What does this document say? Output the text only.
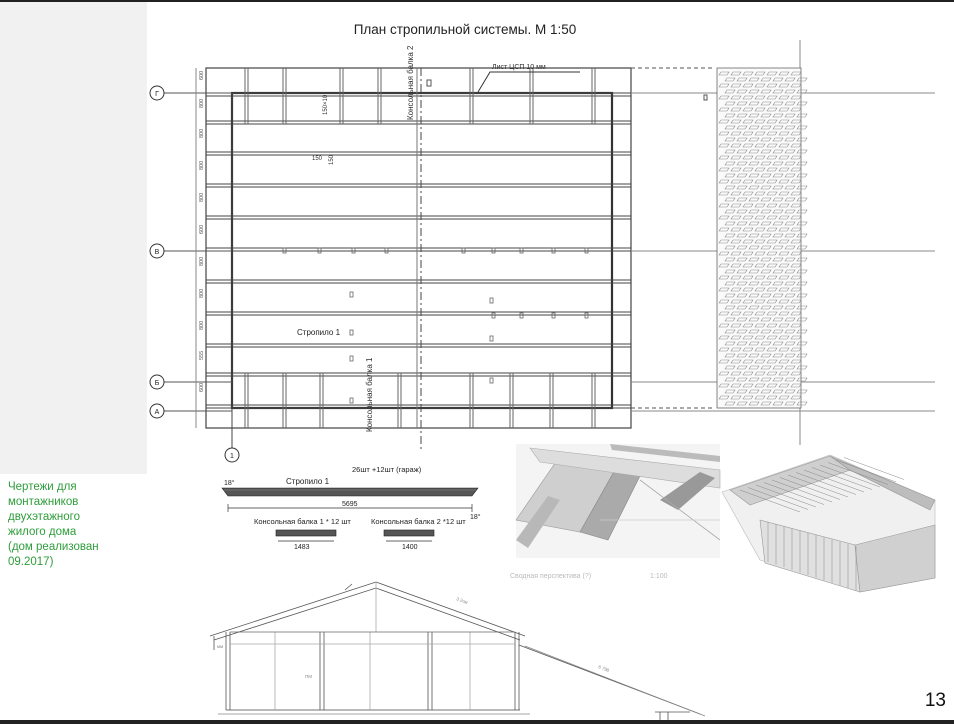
Чертежи для
монтажников
двухэтажного
жилого дома
(дом реализован
09.2017)
План стропильной системы. М 1:50
Г
В
Б
А
1
600
800
800
800
800
600
800
800
800
555
600
Лист ЦСП 10 мм
Консольная балка 2
Консольная балка 1
Стропило 1
150×10
150 150
26шт +12шт (гараж)
Стропило 1
18°
5695
18°
Консольная балка 1 * 12 шт
1483
Консольная балка 2 *12 шт
1400
Сводная перспектива (?)	1:100
3 2пм
6 798
мм
ПМ
13
